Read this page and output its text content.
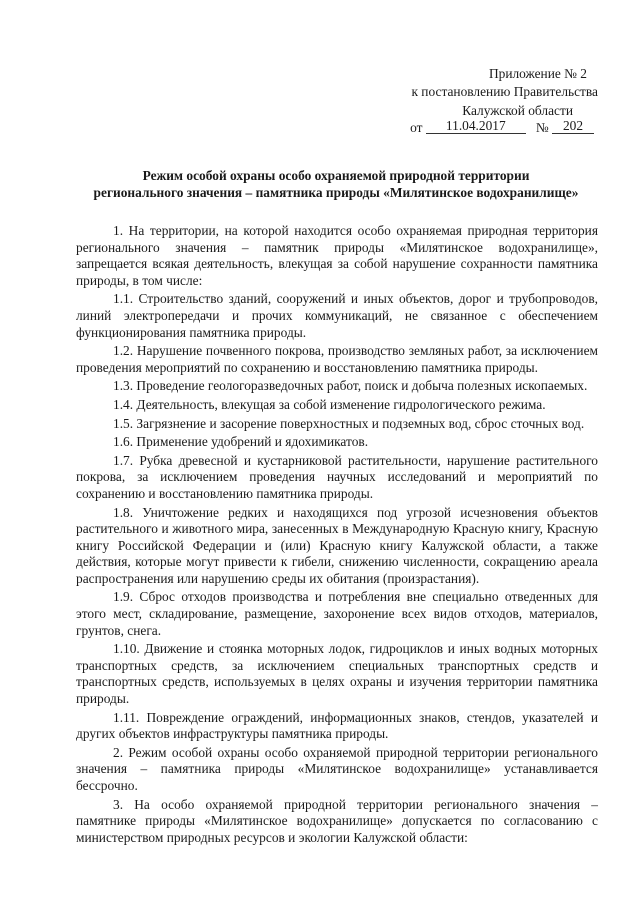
Приложение № 2
к постановлению Правительства
Калужской области
от 11.04.2017 № 202
Режим особой охраны особо охраняемой природной территории
регионального значения – памятника природы «Милятинское водохранилище»

1. На территории, на которой находится особо охраняемая природная территория регионального значения – памятник природы «Милятинское водохранилище», запрещается всякая деятельность, влекущая за собой нарушение сохранности памятника природы, в том числе:

1.1. Строительство зданий, сооружений и иных объектов, дорог и трубопроводов, линий электропередачи и прочих коммуникаций, не связанное с обеспечением функционирования памятника природы.

1.2. Нарушение почвенного покрова, производство земляных работ, за исключением проведения мероприятий по сохранению и восстановлению памятника природы.

1.3. Проведение геологоразведочных работ, поиск и добыча полезных ископаемых.

1.4. Деятельность, влекущая за собой изменение гидрологического режима.

1.5. Загрязнение и засорение поверхностных и подземных вод, сброс сточных вод.

1.6. Применение удобрений и ядохимикатов.

1.7. Рубка древесной и кустарниковой растительности, нарушение растительного покрова, за исключением проведения научных исследований и мероприятий по сохранению и восстановлению памятника природы.

1.8. Уничтожение редких и находящихся под угрозой исчезновения объектов растительного и животного мира, занесенных в Международную Красную книгу, Красную книгу Российской Федерации и (или) Красную книгу Калужской области, а также действия, которые могут привести к гибели, снижению численности, сокращению ареала распространения или нарушению среды их обитания (произрастания).

1.9. Сброс отходов производства и потребления вне специально отведенных для этого мест, складирование, размещение, захоронение всех видов отходов, материалов, грунтов, снега.

1.10. Движение и стоянка моторных лодок, гидроциклов и иных водных моторных транспортных средств, за исключением специальных транспортных средств и транспортных средств, используемых в целях охраны и изучения территории памятника природы.

1.11. Повреждение ограждений, информационных знаков, стендов, указателей и других объектов инфраструктуры памятника природы.

2. Режим особой охраны особо охраняемой природной территории регионального значения – памятника природы «Милятинское водохранилище» устанавливается бессрочно.

3. На особо охраняемой природной территории регионального значения – памятнике природы «Милятинское водохранилище» допускается по согласованию с министерством природных ресурсов и экологии Калужской области:
